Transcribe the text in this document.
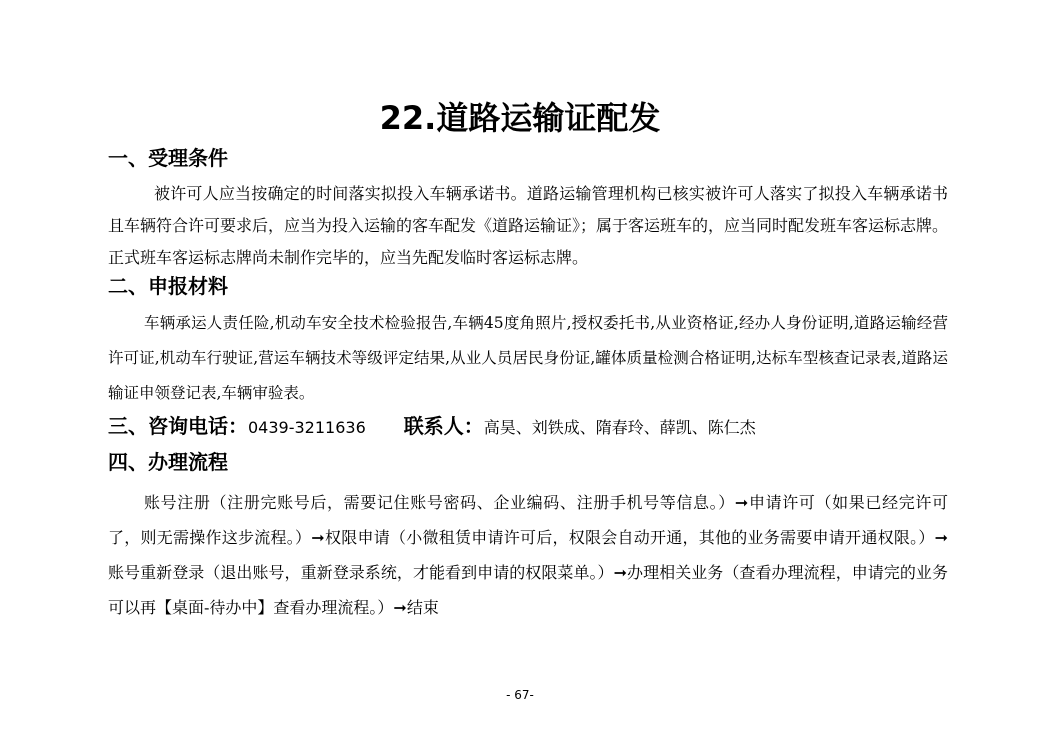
22.道路运输证配发
一、受理条件

被许可人应当按确定的时间落实拟投入车辆承诺书。道路运输管理机构已核实被许可人落实了拟投入车辆承诺书且车辆符合许可要求后，应当为投入运输的客车配发《道路运输证》；属于客运班车的，应当同时配发班车客运标志牌。正式班车客运标志牌尚未制作完毕的，应当先配发临时客运标志牌。

二、申报材料

车辆承运人责任险,机动车安全技术检验报告,车辆45度角照片,授权委托书,从业资格证,经办人身份证明,道路运输经营许可证,机动车行驶证,营运车辆技术等级评定结果,从业人员居民身份证,罐体质量检测合格证明,达标车型核查记录表,道路运输证申领登记表,车辆审验表。

三、咨询电话：0439-3211636 联系人：高昊、刘铁成、隋春玲、薛凯、陈仁杰
四、办理流程

账号注册（注册完账号后，需要记住账号密码、企业编码、注册手机号等信息。）➞申请许可（如果已经完许可了，则无需操作这步流程。）➞权限申请（小微租赁申请许可后，权限会自动开通，其他的业务需要申请开通权限。）➞账号重新登录（退出账号，重新登录系统，才能看到申请的权限菜单。）➞办理相关业务（查看办理流程，申请完的业务可以再【桌面-待办中】查看办理流程。）➞结束

- 67-
